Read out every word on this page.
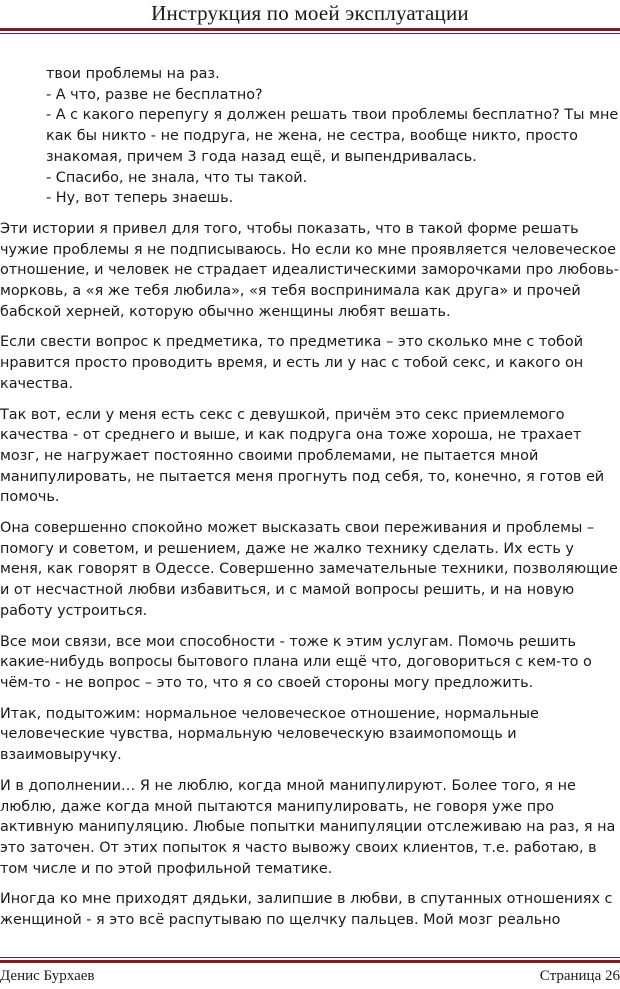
Инструкция по моей эксплуатации
твои проблемы на раз.
- А что, разве не бесплатно?
- А с какого перепугу я должен решать твои проблемы бесплатно? Ты мне как бы никто - не подруга, не жена, не сестра, вообще никто, просто знакомая, причем 3 года назад ещё, и выпендривалась.
- Спасибо, не знала, что ты такой.
- Ну, вот теперь знаешь.

Эти истории я привел для того, чтобы показать, что в такой форме решать чужие проблемы я не подписываюсь. Но если ко мне проявляется человеческое отношение, и человек не страдает идеалистическими заморочками про любовь-морковь, а «я же тебя любила», «я тебя воспринимала как друга» и прочей бабской херней, которую обычно женщины любят вешать.

Если свести вопрос к предметика, то предметика – это сколько мне с тобой нравится просто проводить время, и есть ли у нас с тобой секс, и какого он качества.

Так вот, если у меня есть секс с девушкой, причём это секс приемлемого качества - от среднего и выше, и как подруга она тоже хороша, не трахает мозг, не нагружает постоянно своими проблемами, не пытается мной манипулировать, не пытается меня прогнуть под себя, то, конечно, я готов ей помочь.

Она совершенно спокойно может высказать свои переживания и проблемы – помогу и советом, и решением, даже не жалко технику сделать. Их есть у меня, как говорят в Одессе. Совершенно замечательные техники, позволяющие и от несчастной любви избавиться, и с мамой вопросы решить, и на новую работу устроиться.

Все мои связи, все мои способности - тоже к этим услугам. Помочь решить какие-нибудь вопросы бытового плана или ещё что, договориться с кем-то о чём-то - не вопрос – это то, что я со своей стороны могу предложить.

Итак, подытожим: нормальное человеческое отношение, нормальные человеческие чувства, нормальную человеческую взаимопомощь и взаимовыручку.

И в дополнении… Я не люблю, когда мной манипулируют. Более того, я не люблю, даже когда мной пытаются манипулировать, не говоря уже про активную манипуляцию. Любые попытки манипуляции отслеживаю на раз, я на это заточен. От этих попыток я часто вывожу своих клиентов, т.е. работаю, в том числе и по этой профильной тематике.

Иногда ко мне приходят дядьки, залипшие в любви, в спутанных отношениях с женщиной - я это всё распутываю по щелчку пальцев. Мой мозг реально

Денис Бурхаев	Страница 26
